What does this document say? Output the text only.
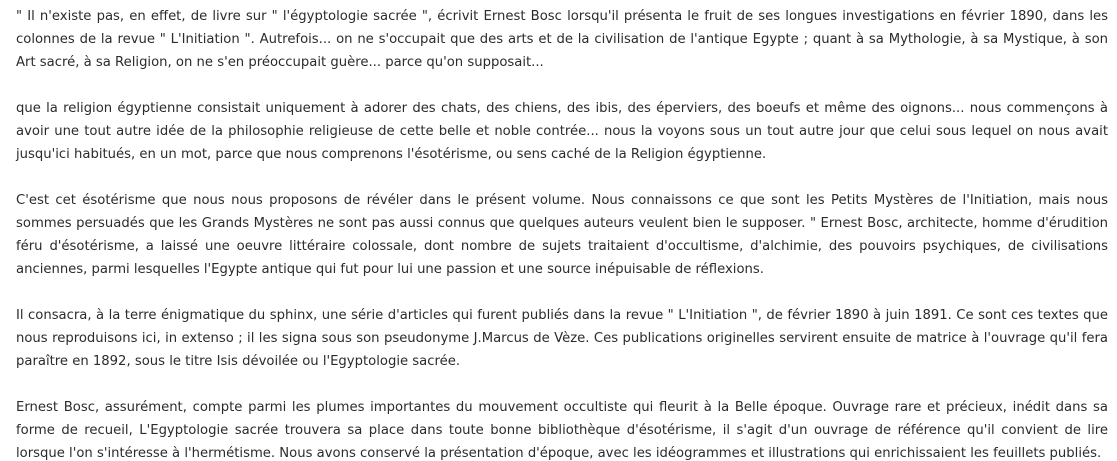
" Il n'existe pas, en effet, de livre sur " l'égyptologie sacrée ", écrivit Ernest Bosc lorsqu'il présenta le fruit de ses longues investigations en février 1890, dans les colonnes de la revue " L'Initiation ". Autrefois... on ne s'occupait que des arts et de la civilisation de l'antique Egypte ; quant à sa Mythologie, à sa Mystique, à son Art sacré, à sa Religion, on ne s'en préoccupait guère... parce qu'on supposait...

que la religion égyptienne consistait uniquement à adorer des chats, des chiens, des ibis, des éperviers, des boeufs et même des oignons... nous commençons à avoir une tout autre idée de la philosophie religieuse de cette belle et noble contrée... nous la voyons sous un tout autre jour que celui sous lequel on nous avait jusqu'ici habitués, en un mot, parce que nous comprenons l'ésotérisme, ou sens caché de la Religion égyptienne.

C'est cet ésotérisme que nous nous proposons de révéler dans le présent volume. Nous connaissons ce que sont les Petits Mystères de l'Initiation, mais nous sommes persuadés que les Grands Mystères ne sont pas aussi connus que quelques auteurs veulent bien le supposer. " Ernest Bosc, architecte, homme d'érudition féru d'ésotérisme, a laissé une oeuvre littéraire colossale, dont nombre de sujets traitaient d'occultisme, d'alchimie, des pouvoirs psychiques, de civilisations anciennes, parmi lesquelles l'Egypte antique qui fut pour lui une passion et une source inépuisable de réflexions.

Il consacra, à la terre énigmatique du sphinx, une série d'articles qui furent publiés dans la revue " L'Initiation ", de février 1890 à juin 1891. Ce sont ces textes que nous reproduisons ici, in extenso ; il les signa sous son pseudonyme J.Marcus de Vèze. Ces publications originelles servirent ensuite de matrice à l'ouvrage qu'il fera paraître en 1892, sous le titre Isis dévoilée ou l'Egyptologie sacrée.

Ernest Bosc, assurément, compte parmi les plumes importantes du mouvement occultiste qui fleurit à la Belle époque. Ouvrage rare et précieux, inédit dans sa forme de recueil, L'Egyptologie sacrée trouvera sa place dans toute bonne bibliothèque d'ésotérisme, il s'agit d'un ouvrage de référence qu'il convient de lire lorsque l'on s'intéresse à l'hermétisme. Nous avons conservé la présentation d'époque, avec les idéogrammes et illustrations qui enrichissaient les feuillets publiés.
